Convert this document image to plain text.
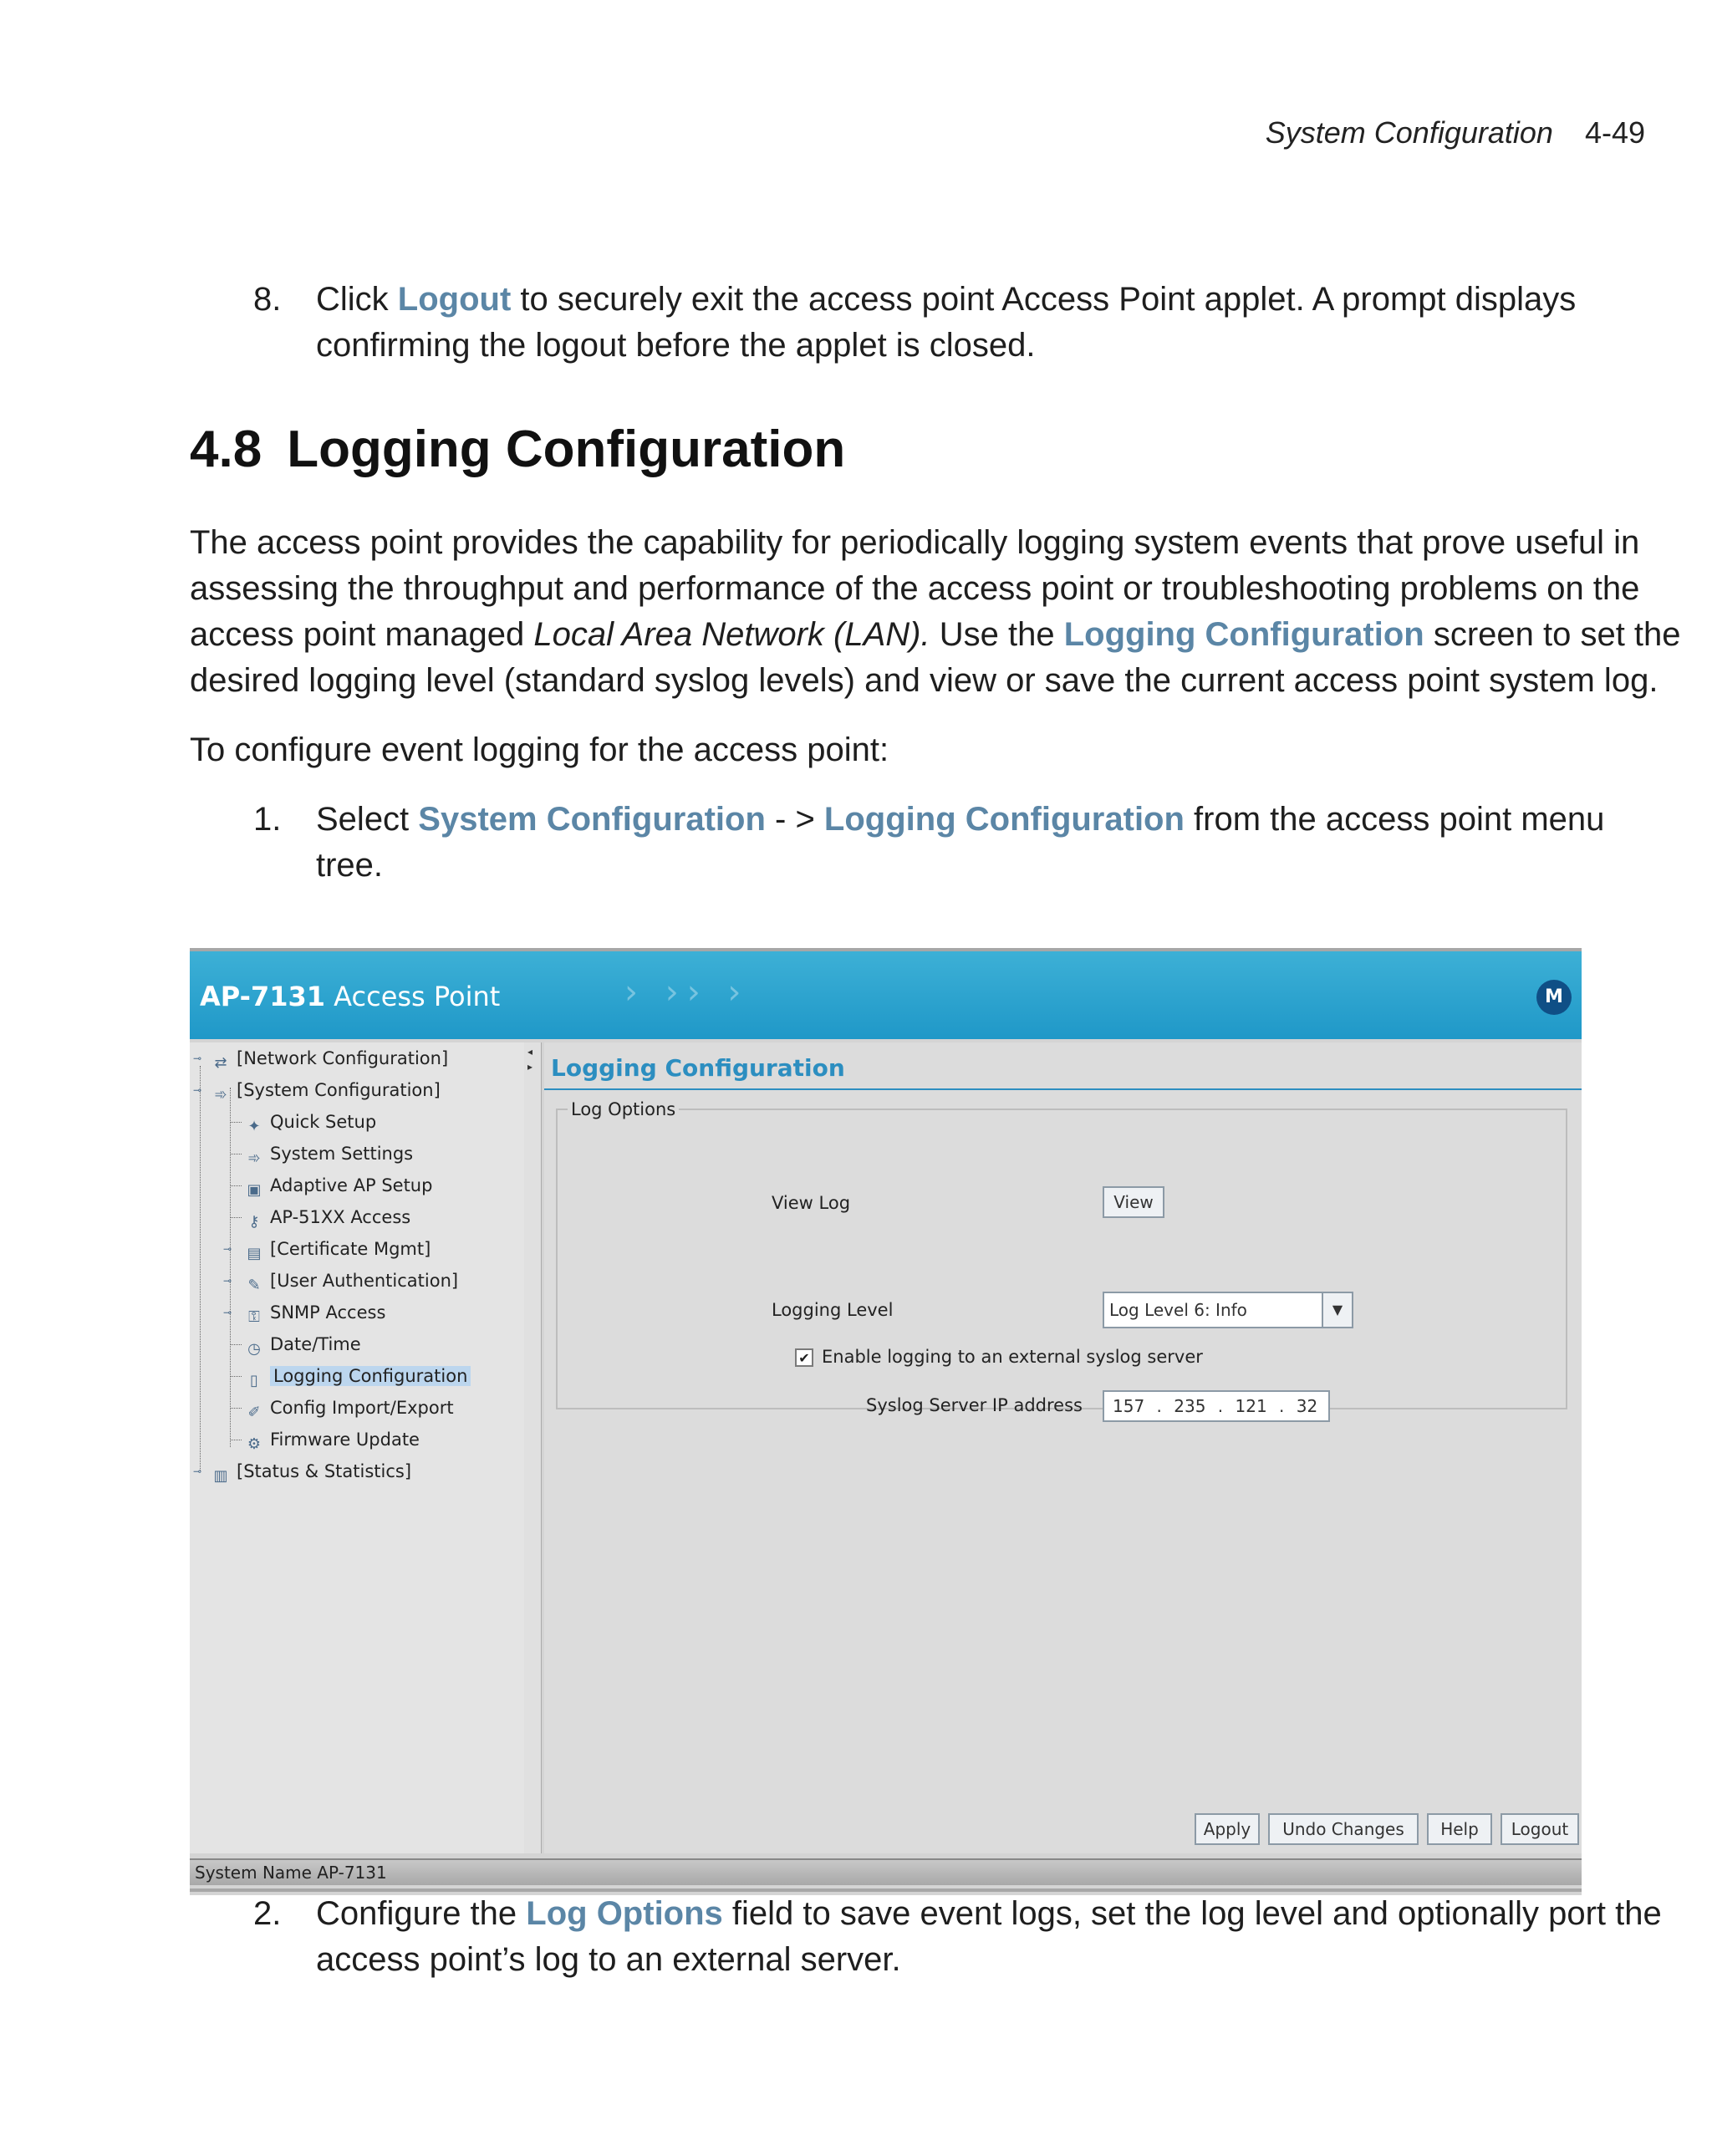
System Configuration 4-49
8. Click Logout to securely exit the access point Access Point applet. A prompt displays
confirming the logout before the applet is closed.
4.8 Logging Configuration
The access point provides the capability for periodically logging system events that prove useful in
assessing the throughput and performance of the access point or troubleshooting problems on the
access point managed Local Area Network (LAN). Use the Logging Configuration screen to set the
desired logging level (standard syslog levels) and view or save the current access point system log.
To configure event logging for the access point:
1. Select System Configuration - > Logging Configuration from the access point menu
tree.
AP-7131 Access Point	› ›› ›	M
⊸ ⇄ [Network Configuration]
⊸ ➾ [System Configuration]
✦ Quick Setup
➾ System Settings
▣ Adaptive AP Setup
⚷ AP-51XX Access
⊸ ▤ [Certificate Mgmt]
⊸	✎ [User Authentication]
⊸	⚿ SNMP Access
◷ Date/Time
▯ Logging Configuration
✐ Config Import/Export
⚙ Firmware Update
⊸ ▥ [Status & Statistics]
◂
▸ Logging Configuration
Log Options
View Log	View
Logging Level	Log Level 6: Info	▼
✔ Enable logging to an external syslog server
Syslog Server IP address	157 . 235 . 121 . 32
Apply	Undo Changes	Help	Logout
System Name AP-7131
2. Configure the Log Options field to save event logs, set the log level and optionally port the
access point’s log to an external server.
